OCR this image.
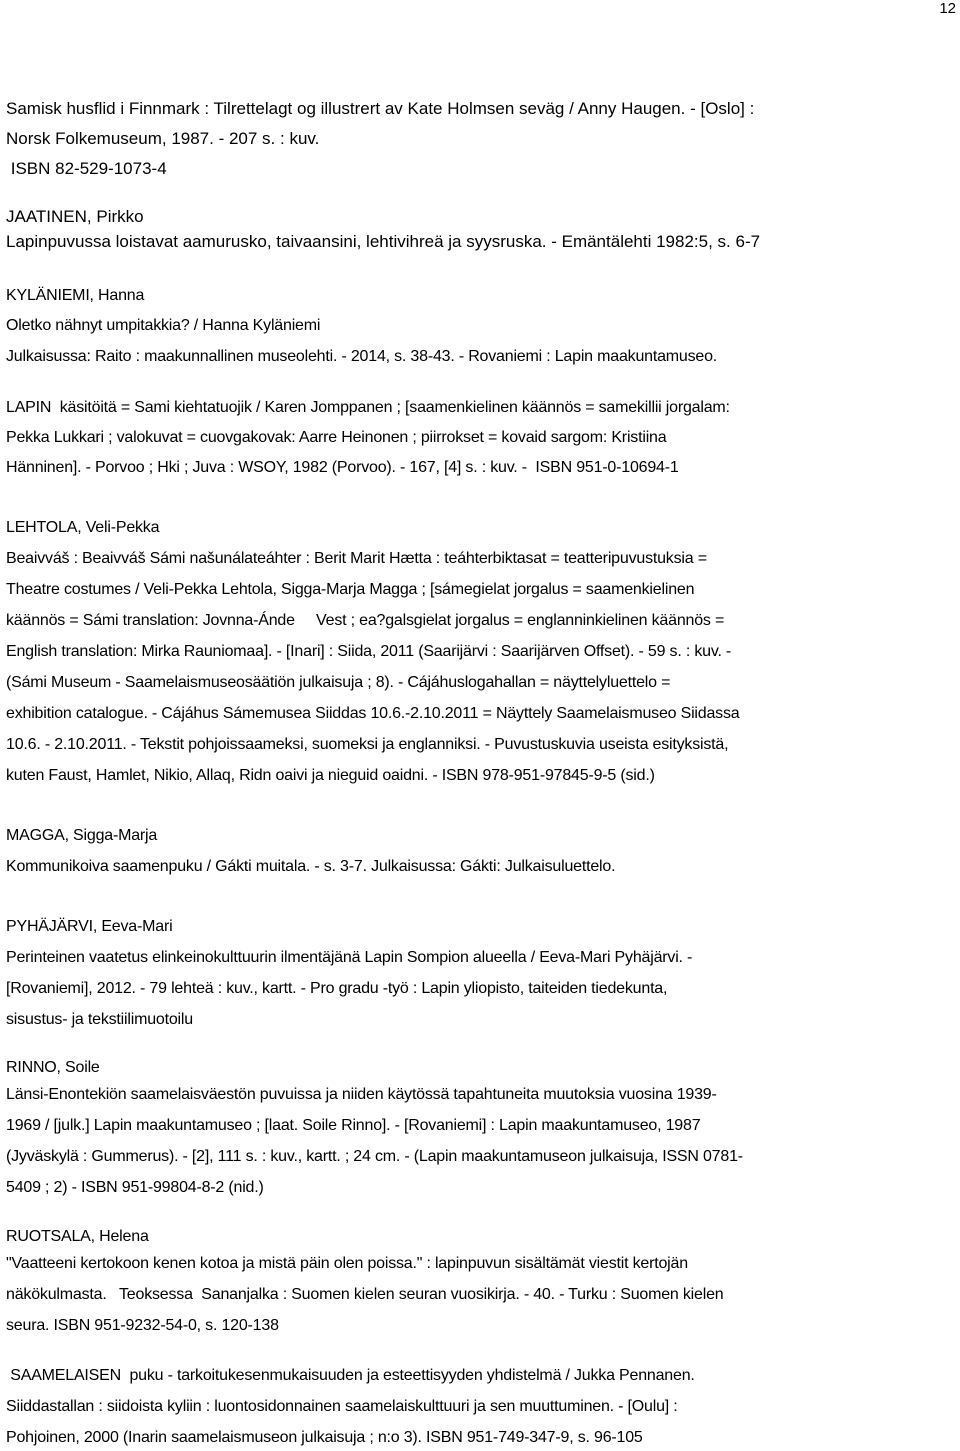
12
Samisk husflid i Finnmark : Tilrettelagt og illustrert av Kate Holmsen seväg / Anny Haugen. - [Oslo] :
Norsk Folkemuseum, 1987. - 207 s. : kuv.
ISBN 82-529-1073-4
JAATINEN, Pirkko
Lapinpuvussa loistavat aamurusko, taivaansini, lehtivihreä ja syysruska. - Emäntälehti 1982:5, s. 6-7
KYLÄNIEMI, Hanna
Oletko nähnyt umpitakkia? / Hanna Kyläniemi
Julkaisussa: Raito : maakunnallinen museolehti. - 2014, s. 38-43. - Rovaniemi : Lapin maakuntamuseo.
LAPIN  käsitöitä = Sami kiehtatuojik / Karen Jomppanen ; [saamenkielinen käännös = samekillii jorgalam:
Pekka Lukkari ; valokuvat = cuovgakovak: Aarre Heinonen ; piirrokset = kovaid sargom: Kristiina
Hänninen]. - Porvoo ; Hki ; Juva : WSOY, 1982 (Porvoo). - 167, [4] s. : kuv. -  ISBN 951-0-10694-1
LEHTOLA, Veli-Pekka
Beaivváš : Beaivváš Sámi našunálateáhter : Berit Marit Hætta : teáhterbiktasat = teatteripuvustuksia =
Theatre costumes / Veli-Pekka Lehtola, Sigga-Marja Magga ; [sámegielat jorgalus = saamenkielinen
käännös = Sámi translation: Jovnna-Ánde     Vest ; ea?galsgielat jorgalus = englanninkielinen käännös =
English translation: Mirka Rauniomaa]. - [Inari] : Siida, 2011 (Saarijärvi : Saarijärven Offset). - 59 s. : kuv. -
(Sámi Museum - Saamelaismuseosäätiön julkaisuja ; 8). - Cájáhuslogahallan = näyttelyluettelo =
exhibition catalogue. - Cájáhus Sámemusea Siiddas 10.6.-2.10.2011 = Näyttely Saamelaismuseo Siidassa
10.6. - 2.10.2011. - Tekstit pohjoissaameksi, suomeksi ja englanniksi. - Puvustuskuvia useista esityksistä,
kuten Faust, Hamlet, Nikio, Allaq, Ridn oaivi ja nieguid oaidni. - ISBN 978-951-97845-9-5 (sid.)
MAGGA, Sigga-Marja
Kommunikoiva saamenpuku / Gákti muitala. - s. 3-7. Julkaisussa: Gákti: Julkaisuluettelo.
PYHÄJÄRVI, Eeva-Mari
Perinteinen vaatetus elinkeinokulttuurin ilmentäjänä Lapin Sompion alueella / Eeva-Mari Pyhäjärvi. -
[Rovaniemi], 2012. - 79 lehteä : kuv., kartt. - Pro gradu -työ : Lapin yliopisto, taiteiden tiedekunta,
sisustus- ja tekstiilimuotoilu
RINNO, Soile
Länsi-Enontekiön saamelaisväestön puvuissa ja niiden käytössä tapahtuneita muutoksia vuosina 1939-
1969 / [julk.] Lapin maakuntamuseo ; [laat. Soile Rinno]. - [Rovaniemi] : Lapin maakuntamuseo, 1987
(Jyväskylä : Gummerus). - [2], 111 s. : kuv., kartt. ; 24 cm. - (Lapin maakuntamuseon julkaisuja, ISSN 0781-
5409 ; 2) - ISBN 951-99804-8-2 (nid.)
RUOTSALA, Helena
"Vaatteeni kertokoon kenen kotoa ja mistä päin olen poissa." : lapinpuvun sisältämät viestit kertojän
näkökulmasta.   Teoksessa  Sananjalka : Suomen kielen seuran vuosikirja. - 40. - Turku : Suomen kielen
seura. ISBN 951-9232-54-0, s. 120-138
SAAMELAISEN  puku - tarkoitukesenmukaisuuden ja esteettisyyden yhdistelmä / Jukka Pennanen.
Siiddastallan : siidoista kyliin : luontosidonnainen saamelaiskulttuuri ja sen muuttuminen. - [Oulu] :
Pohjoinen, 2000 (Inarin saamelaismuseon julkaisuja ; n:o 3). ISBN 951-749-347-9, s. 96-105
